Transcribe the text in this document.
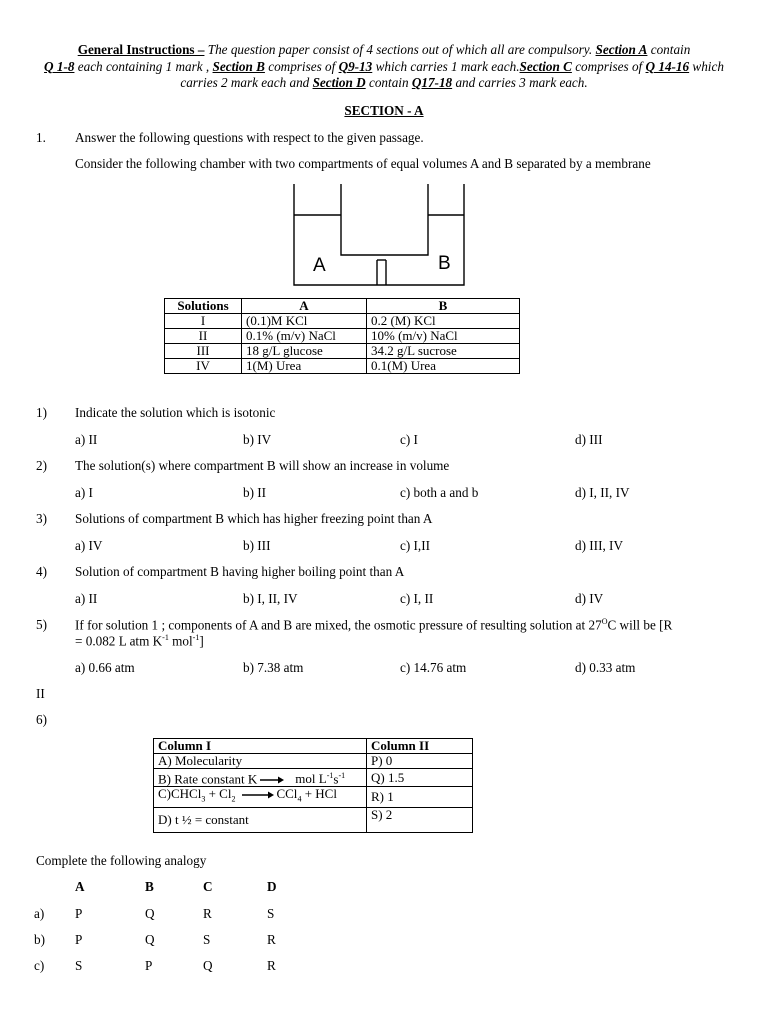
General Instructions – The question paper consist of 4 sections out of which all are compulsory. Section A contain
Q 1-8 each containing 1 mark , Section B comprises of Q9-13 which carries 1 mark each.Section C comprises of Q 14-16 which carries 2 mark each and Section D contain Q17-18 and carries 3 mark each.
SECTION - A
1. Answer the following questions with respect to the given passage.
Consider the following chamber with two compartments of equal volumes A and B separated by a membrane
A	B
Solutions	A	B
I	(0.1)M KCl	0.2 (M) KCl
II	0.1% (m/v) NaCl	10% (m/v) NaCl
III	18 g/L glucose	34.2 g/L sucrose
IV	1(M) Urea	0.1(M) Urea
1) Indicate the solution which is isotonic
a) II	b) IV	c) I	d) III
2) The solution(s) where compartment B will show an increase in volume
a) I	b) II	c) both a and b	d) I, II, IV
3) Solutions of compartment B which has higher freezing point than A
a) IV	b) III	c) I,II	d) III, IV
4) Solution of compartment B having higher boiling point than A
a) II	b) I, II, IV	c) I, II	d) IV
5) If for solution 1 ; components of A and B are mixed, the osmotic pressure of resulting solution at $27^OC$ will be [R
= 0.082 L atm $K^{-1}$ mol$^{-1}$]
a) 0.66 atm	b) 7.38 atm	c) 14.76 atm	d) 0.33 atm
II
6)
Column I	Column II
A) Molecularity	P) 0
B) Rate constant K mol $L^{-1}s^{-1}$	Q) 1.5
C)CHCl$_3$ + $Cl_2$ CCl$_4$ + HCl	R) 1
D) t ½ = constant	S) 2
Complete the following analogy
A	B	C	D
a) P	Q	R	S
b) P	Q	S	R
c) S	P	Q	R
